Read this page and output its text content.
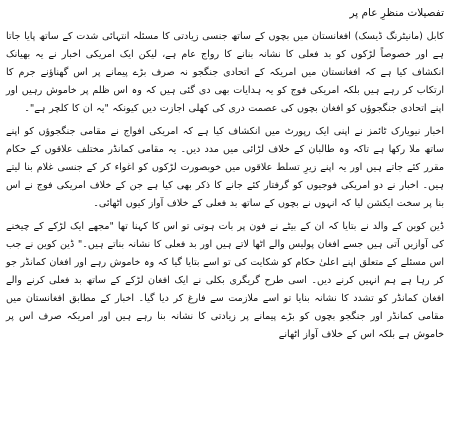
تفصیلات منظرِ عام پر

کابل (مانیٹرنگ ڈیسک) افغانستان میں بچوں کے ساتھ جنسی زیادتی کا مسئلہ انتہائی شدت کے ساتھ پایا جاتا ہے اور خصوصاً لڑکوں کو بد فعلی کا نشانہ بنانے کا رواج عام ہے، لیکن ایک امریکی اخبار نے یہ بھیانک انکشاف کیا ہے کہ افغانستان میں امریکہ کے اتحادی جنگجو نہ صرف بڑے پیمانے پر اس گھناؤنے جرم کا ارتکاب کر رہے ہیں بلکہ امریکی فوج کو یہ ہدایات بھی دی گئی ہیں کہ وہ اس ظلم پر خاموش رہیں اور اپنے اتحادی جنگجوؤں کو افغان بچوں کی عصمت دری کی کھلی اجازت دیں کیونکہ "یہ ان کا کلچر ہے"۔

اخبار نیویارک ٹائمز نے اپنی ایک رپورٹ میں انکشاف کیا ہے کہ امریکی افواج نے مقامی جنگجوؤں کو اپنے ساتھ ملا رکھا ہے تاکہ وہ طالبان کے خلاف لڑائی میں مدد دیں۔ یہ مقامی کمانڈر مختلف علاقوں کے حکام مقرر کئے جاتے ہیں اور یہ اپنے زیرِ تسلط علاقوں میں خوبصورت لڑکوں کو اغواء کر کے جنسی غلام بنا لیتے ہیں۔ اخبار نے دو امریکی فوجیوں کو گرفتار کئے جانے کا ذکر بھی کیا ہے جن کے خلاف امریکی فوج نے اس بنا پر سخت ایکشن لیا کہ انہوں نے بچوں کے ساتھ بد فعلی کے خلاف آواز کیوں اٹھائی۔

ڈین کوین کے والد نے بتایا کہ ان کے بیٹے نے فون پر بات ہوتی تو اس کا کہنا تھا "مجھے ایک لڑکے کے چیخنے کی آوازیں آتی ہیں جسے افغان پولیس والے اٹھا لاتے ہیں اور بد فعلی کا نشانہ بناتے ہیں۔" ڈین کوین نے جب اس مسئلے کے متعلق اپنے اعلیٰ حکام کو شکایت کی تو اسے بتایا گیا کہ وہ خاموش رہے اور افغان کمانڈر جو کر رہا ہے ہم انہیں کرنے دیں۔ اسی طرح گریگری بکلی نے ایک افغان لڑکے کے ساتھ بد فعلی کرنے والے افغان کمانڈر کو تشدد کا نشانہ بنایا تو اسے ملازمت سے فارغ کر دیا گیا۔ اخبار کے مطابق افغانستان میں مقامی کمانڈر اور جنگجو بچوں کو بڑے پیمانے پر زیادتی کا نشانہ بنا رہے ہیں اور امریکہ صرف اس پر خاموش ہے بلکہ اس کے خلاف آواز اٹھانے
